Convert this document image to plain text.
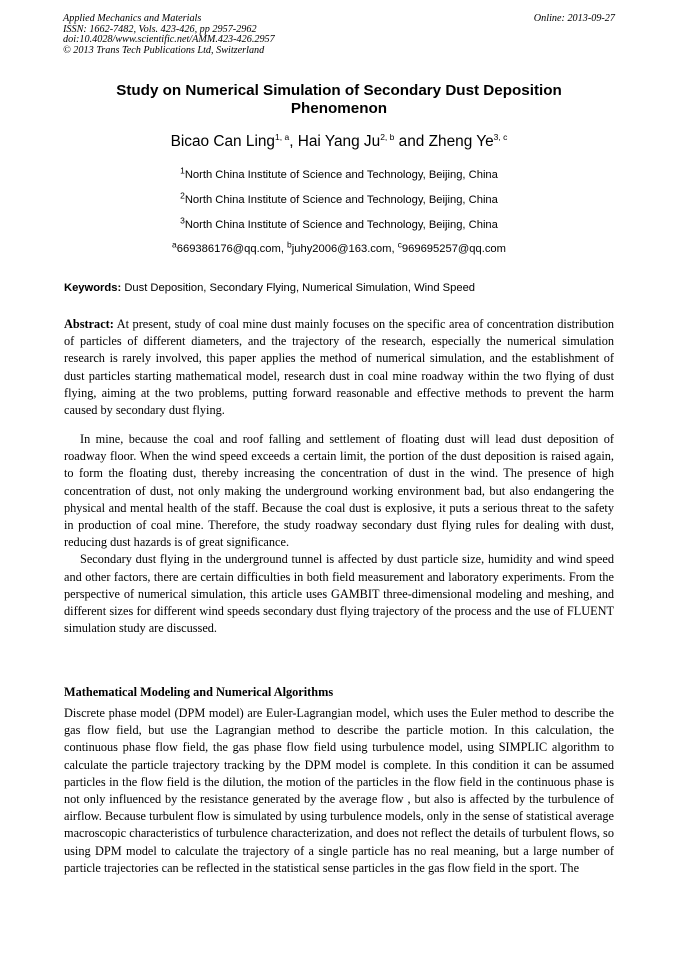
Applied Mechanics and Materials
ISSN: 1662-7482, Vols. 423-426, pp 2957-2962
doi:10.4028/www.scientific.net/AMM.423-426.2957
© 2013 Trans Tech Publications Ltd, Switzerland
Online: 2013-09-27
Study on Numerical Simulation of Secondary Dust Deposition Phenomenon
Bicao Can Ling$^{1, a}$, Hai Yang Ju$^{2, b}$ and Zheng Ye$^{3, c}$
$^1$North China Institute of Science and Technology, Beijing, China
$^2$North China Institute of Science and Technology, Beijing, China
$^3$North China Institute of Science and Technology, Beijing, China
$^a$669386176@qq.com, $^b$juhy2006@163.com, $^c$969695257@qq.com
Keywords: Dust Deposition, Secondary Flying, Numerical Simulation, Wind Speed

Abstract: At present, study of coal mine dust mainly focuses on the specific area of concentration distribution of particles of different diameters, and the trajectory of the research, especially the numerical simulation research is rarely involved, this paper applies the method of numerical simulation, and the establishment of dust particles starting mathematical model, research dust in coal mine roadway within the two flying of dust flying, aiming at the two problems, putting forward reasonable and effective methods to prevent the harm caused by secondary dust flying.

In mine, because the coal and roof falling and settlement of floating dust will lead dust deposition of roadway floor. When the wind speed exceeds a certain limit, the portion of the dust deposition is raised again, to form the floating dust, thereby increasing the concentration of dust in the wind. The presence of high concentration of dust, not only making the underground working environment bad, but also endangering the physical and mental health of the staff. Because the coal dust is explosive, it puts a serious threat to the safety in production of coal mine. Therefore, the study roadway secondary dust flying rules for dealing with dust, reducing dust hazards is of great significance.

Secondary dust flying in the underground tunnel is affected by dust particle size, humidity and wind speed and other factors, there are certain difficulties in both field measurement and laboratory experiments. From the perspective of numerical simulation, this article uses GAMBIT three-dimensional modeling and meshing, and different sizes for different wind speeds secondary dust flying trajectory of the process and the use of FLUENT simulation study are discussed.

Mathematical Modeling and Numerical Algorithms

Discrete phase model (DPM model) are Euler-Lagrangian model, which uses the Euler method to describe the gas flow field, but use the Lagrangian method to describe the particle motion. In this calculation, the continuous phase flow field, the gas phase flow field using turbulence model, using SIMPLIC algorithm to calculate the particle trajectory tracking by the DPM model is complete. In this condition it can be assumed particles in the flow field is the dilution, the motion of the particles in the flow field in the continuous phase is not only influenced by the resistance generated by the average flow , but also is affected by the turbulence of airflow. Because turbulent flow is simulated by using turbulence models, only in the sense of statistical average macroscopic characteristics of turbulence characterization, and does not reflect the details of turbulent flows, so using DPM model to calculate the trajectory of a single particle has no real meaning, but a large number of particle trajectories can be reflected in the statistical sense particles in the gas flow field in the sport. The
